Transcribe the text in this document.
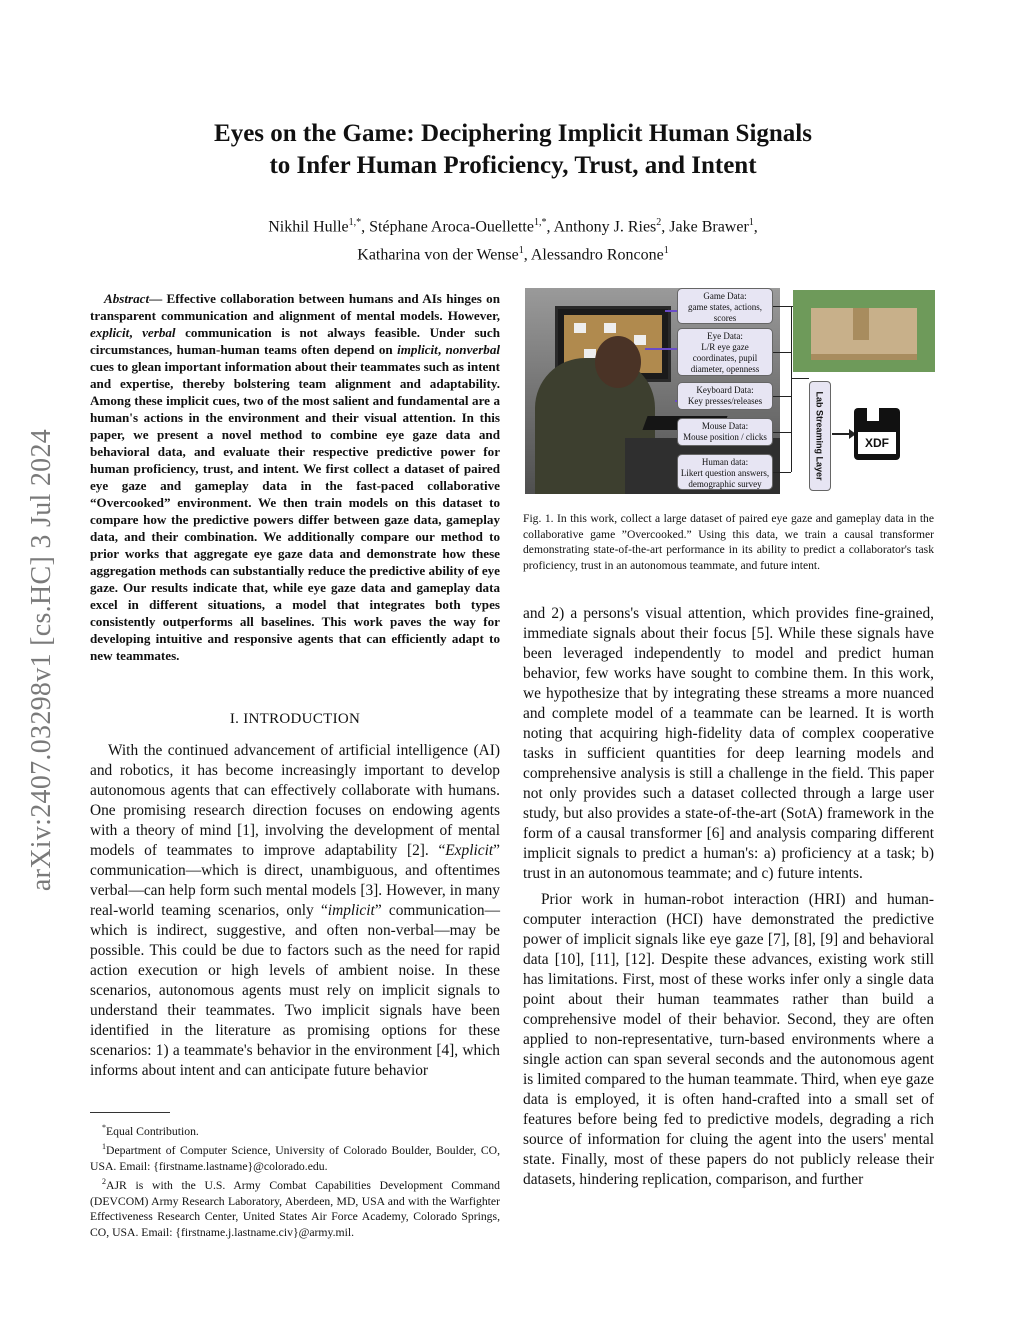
arXiv:2407.03298v1 [cs.HC] 3 Jul 2024
Eyes on the Game: Deciphering Implicit Human Signals
to Infer Human Proficiency, Trust, and Intent
Nikhil Hulle$^{1,*}$, Stéphane Aroca-Ouellette$^{1,*}$, Anthony J. Ries$^2$, Jake Brawer$^1$,
Katharina von der Wense$^1$, Alessandro Roncone$^1$
Abstract— Effective collaboration between humans and AIs hinges on transparent communication and alignment of mental models. However, explicit, verbal communication is not always feasible. Under such circumstances, human-human teams often depend on implicit, nonverbal cues to glean important information about their teammates such as intent and expertise, thereby bolstering team alignment and adaptability. Among these implicit cues, two of the most salient and fundamental are a human's actions in the environment and their visual attention. In this paper, we present a novel method to combine eye gaze data and behavioral data, and evaluate their respective predictive power for human proficiency, trust, and intent. We first collect a dataset of paired eye gaze and gameplay data in the fast-paced collaborative “Overcooked” environment. We then train models on this dataset to compare how the predictive powers differ between gaze data, gameplay data, and their combination. We additionally compare our method to prior works that aggregate eye gaze data and demonstrate how these aggregation methods can substantially reduce the predictive ability of eye gaze. Our results indicate that, while eye gaze data and gameplay data excel in different situations, a model that integrates both types consistently outperforms all baselines. This work paves the way for developing intuitive and responsive agents that can efficiently adapt to new teammates.
I. INTRODUCTION

With the continued advancement of artificial intelligence (AI) and robotics, it has become increasingly important to develop autonomous agents that can effectively collaborate with humans. One promising research direction focuses on endowing agents with a theory of mind [1], involving the development of mental models of teammates to improve adaptability [2]. “Explicit” communication—which is direct, unambiguous, and oftentimes verbal—can help form such mental models [3]. However, in many real-world teaming scenarios, only “implicit” communication—which is indirect, suggestive, and often non-verbal—may be possible. This could be due to factors such as the need for rapid action execution or high levels of ambient noise. In these scenarios, autonomous agents must rely on implicit signals to understand their teammates. Two implicit signals have been identified in the literature as promising options for these scenarios: 1) a teammate's behavior in the environment [4], which informs about intent and can anticipate future behavior

*Equal Contribution.

$^1$Department of Computer Science, University of Colorado Boulder, Boulder, CO, USA. Email: {firstname.lastname}@colorado.edu.

$^2$AJR is with the U.S. Army Combat Capabilities Development Command (DEVCOM) Army Research Laboratory, Aberdeen, MD, USA and with the Warfighter Effectiveness Research Center, United States Air Force Academy, Colorado Springs, CO, USA. Email: {firstname.j.lastname.civ}@army.mil.

Game Data:
game states, actions, scores
Eye Data:
L/R eye gaze coordinates, pupil diameter, openness
Keyboard Data:
Key presses/releases
Mouse Data:
Mouse position / clicks
Human data:
Likert question answers, demographic survey
Lab Streaming Layer	XDF
Fig. 1. In this work, collect a large dataset of paired eye gaze and gameplay data in the collaborative game ”Overcooked.” Using this data, we train a causal transformer demonstrating state-of-the-art performance in its ability to predict a collaborator's task proficiency, trust in an autonomous teammate, and future intent.

and 2) a persons's visual attention, which provides fine-grained, immediate signals about their focus [5]. While these signals have been leveraged independently to model and predict human behavior, few works have sought to combine them. In this work, we hypothesize that by integrating these streams a more nuanced and complete model of a teammate can be learned. It is worth noting that acquiring high-fidelity data of complex cooperative tasks in sufficient quantities for deep learning models and comprehensive analysis is still a challenge in the field. This paper not only provides such a dataset collected through a large user study, but also provides a state-of-the-art (SotA) framework in the form of a causal transformer [6] and analysis comparing different implicit signals to predict a human's: a) proficiency at a task; b) trust in an autonomous teammate; and c) future intents.

Prior work in human-robot interaction (HRI) and human-computer interaction (HCI) have demonstrated the predictive power of implicit signals like eye gaze [7], [8], [9] and behavioral data [10], [11], [12]. Despite these advances, existing work still has limitations. First, most of these works infer only a single data point about their human teammates rather than build a comprehensive model of their behavior. Second, they are often applied to non-representative, turn-based environments where a single action can span several seconds and the autonomous agent is limited compared to the human teammate. Third, when eye gaze data is employed, it is often hand-crafted into a small set of features before being fed to predictive models, degrading a rich source of information for cluing the agent into the users' mental state. Finally, most of these papers do not publicly release their datasets, hindering replication, comparison, and further
